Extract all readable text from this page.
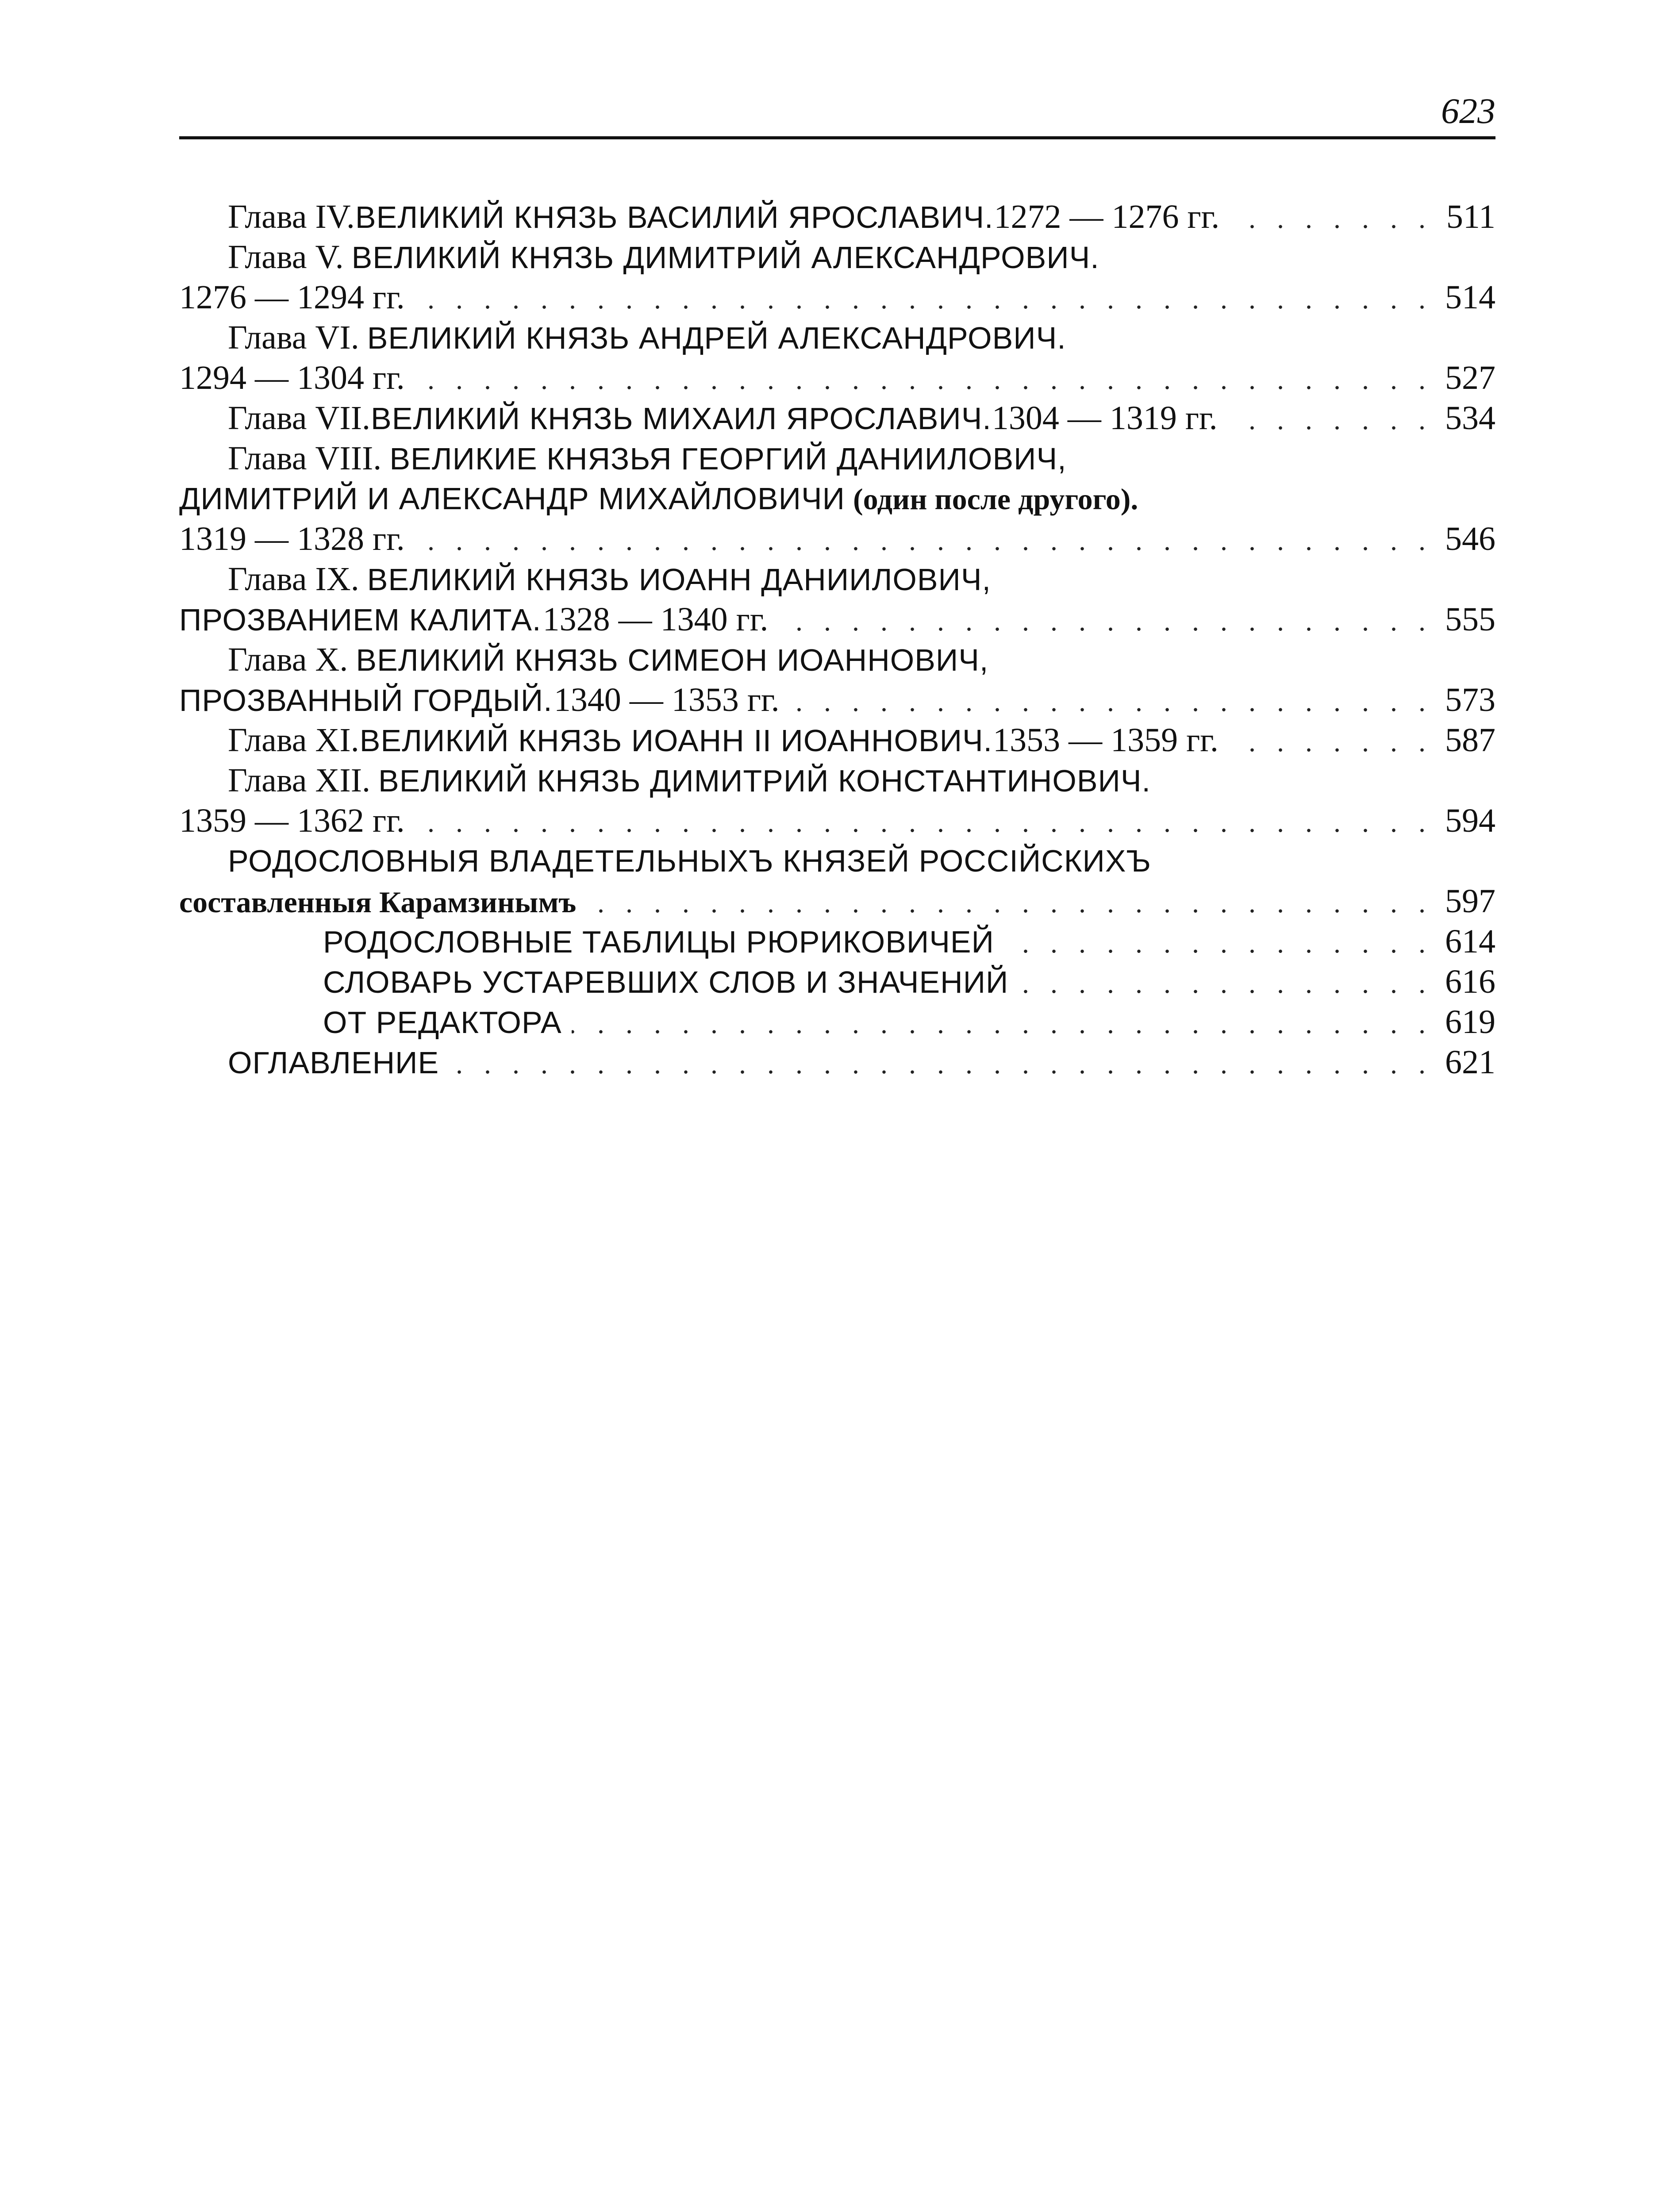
623
Глава IV. ВЕЛИКИЙ КНЯЗЬ ВАСИЛИЙ ЯРОСЛАВИЧ. 1272 — 1276 гг. . . .	511
Глава V. ВЕЛИКИЙ КНЯЗЬ ДИМИТРИЙ АЛЕКСАНДРОВИЧ.
1276 — 1294 гг. . . .	514
Глава VI. ВЕЛИКИЙ КНЯЗЬ АНДРЕЙ АЛЕКСАНДРОВИЧ.
1294 — 1304 гг. . . .	527
Глава VII. ВЕЛИКИЙ КНЯЗЬ МИХАИЛ ЯРОСЛАВИЧ. 1304 — 1319 гг. . . .	534
Глава VIII. ВЕЛИКИЕ КНЯЗЬЯ ГЕОРГИЙ ДАНИИЛОВИЧ,
ДИМИТРИЙ И АЛЕКСАНДР МИХАЙЛОВИЧИ (один после другого).
1319 — 1328 гг. . . .	546
Глава IX. ВЕЛИКИЙ КНЯЗЬ ИОАНН ДАНИИЛОВИЧ,
ПРОЗВАНИЕМ КАЛИТА. 1328 — 1340 гг. . . .	555
Глава X. ВЕЛИКИЙ КНЯЗЬ СИМЕОН ИОАННОВИЧ,
ПРОЗВАННЫЙ ГОРДЫЙ. 1340 — 1353 гг. . . .	573
Глава XI. ВЕЛИКИЙ КНЯЗЬ ИОАНН II ИОАННОВИЧ. 1353 — 1359 гг. . . .	587
Глава XII. ВЕЛИКИЙ КНЯЗЬ ДИМИТРИЙ КОНСТАНТИНОВИЧ.
1359 — 1362 гг. . . .	594
РОДОСЛОВНЫЯ ВЛАДЕТЕЛЬНЫХЪ КНЯЗЕЙ РОССІЙСКИХЪ
составленныя Карамзинымъ . . .	597
РОДОСЛОВНЫЕ ТАБЛИЦЫ РЮРИКОВИЧЕЙ . . .	614
СЛОВАРЬ УСТАРЕВШИХ СЛОВ И ЗНАЧЕНИЙ . . .	616
ОТ РЕДАКТОРА . . .	619
ОГЛАВЛЕНИЕ . . .	621
